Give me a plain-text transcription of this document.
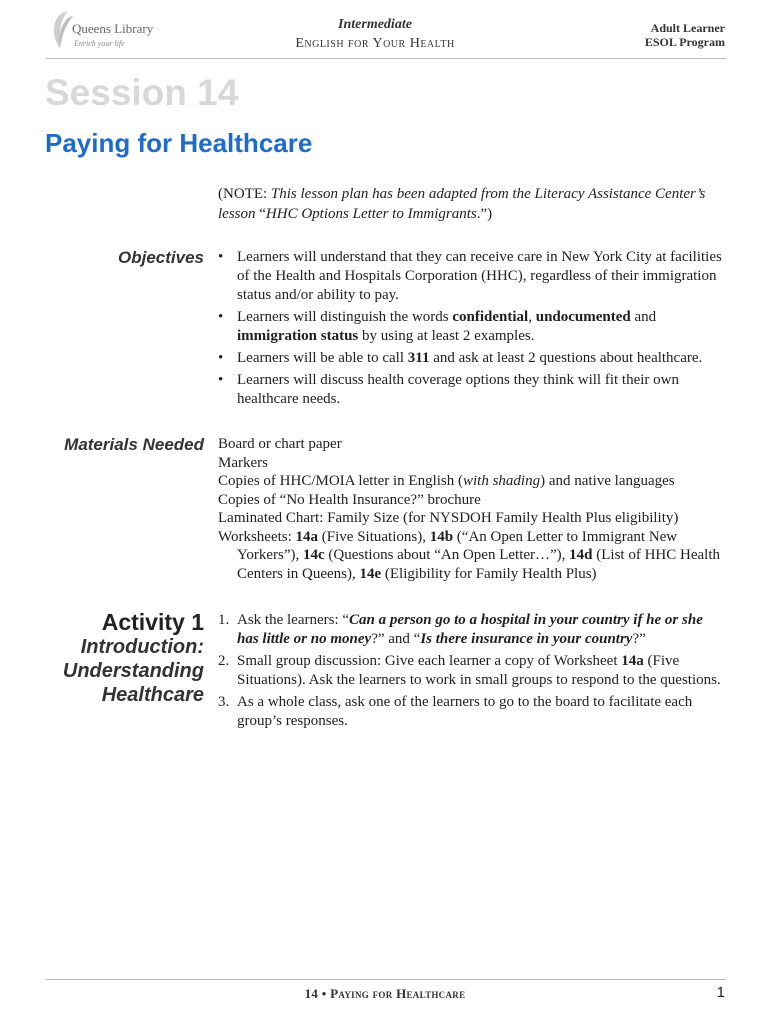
Queens Library
Enrich your life
Intermediate
English for Your Health
Adult Learner
ESOL Program
Session 14
Paying for Healthcare
(NOTE: This lesson plan has been adapted from the Literacy Assistance Center’s lesson “HHC Options Letter to Immigrants.”)
Objectives • Learners will understand that they can receive care in New York City at facilities of the Health and Hospitals Corporation (HHC), regardless of their immigration status and/or ability to pay.
• Learners will distinguish the words confidential, undocumented and immigration status by using at least 2 examples.
• Learners will be able to call 311 and ask at least 2 questions about healthcare.
• Learners will discuss health coverage options they think will fit their own healthcare needs.
Materials Needed Board or chart paper
Markers
Copies of HHC/MOIA letter in English (with shading) and native languages
Copies of “No Health Insurance?” brochure
Laminated Chart: Family Size (for NYSDOH Family Health Plus eligibility)
Worksheets: 14a (Five Situations), 14b (“An Open Letter to Immigrant New Yorkers”), 14c (Questions about “An Open Letter…”), 14d (List of HHC Health Centers in Queens), 14e (Eligibility for Family Health Plus)
Activity 1
Introduction:
Understanding
Healthcare
1. Ask the learners: “Can a person go to a hospital in your country if he or she has little or no money?” and “Is there insurance in your country?”
2. Small group discussion: Give each learner a copy of Worksheet 14a (Five Situations). Ask the learners to work in small groups to respond to the questions.
3. As a whole class, ask one of the learners to go to the board to facilitate each group’s responses.
14 • Paying for Healthcare	1
